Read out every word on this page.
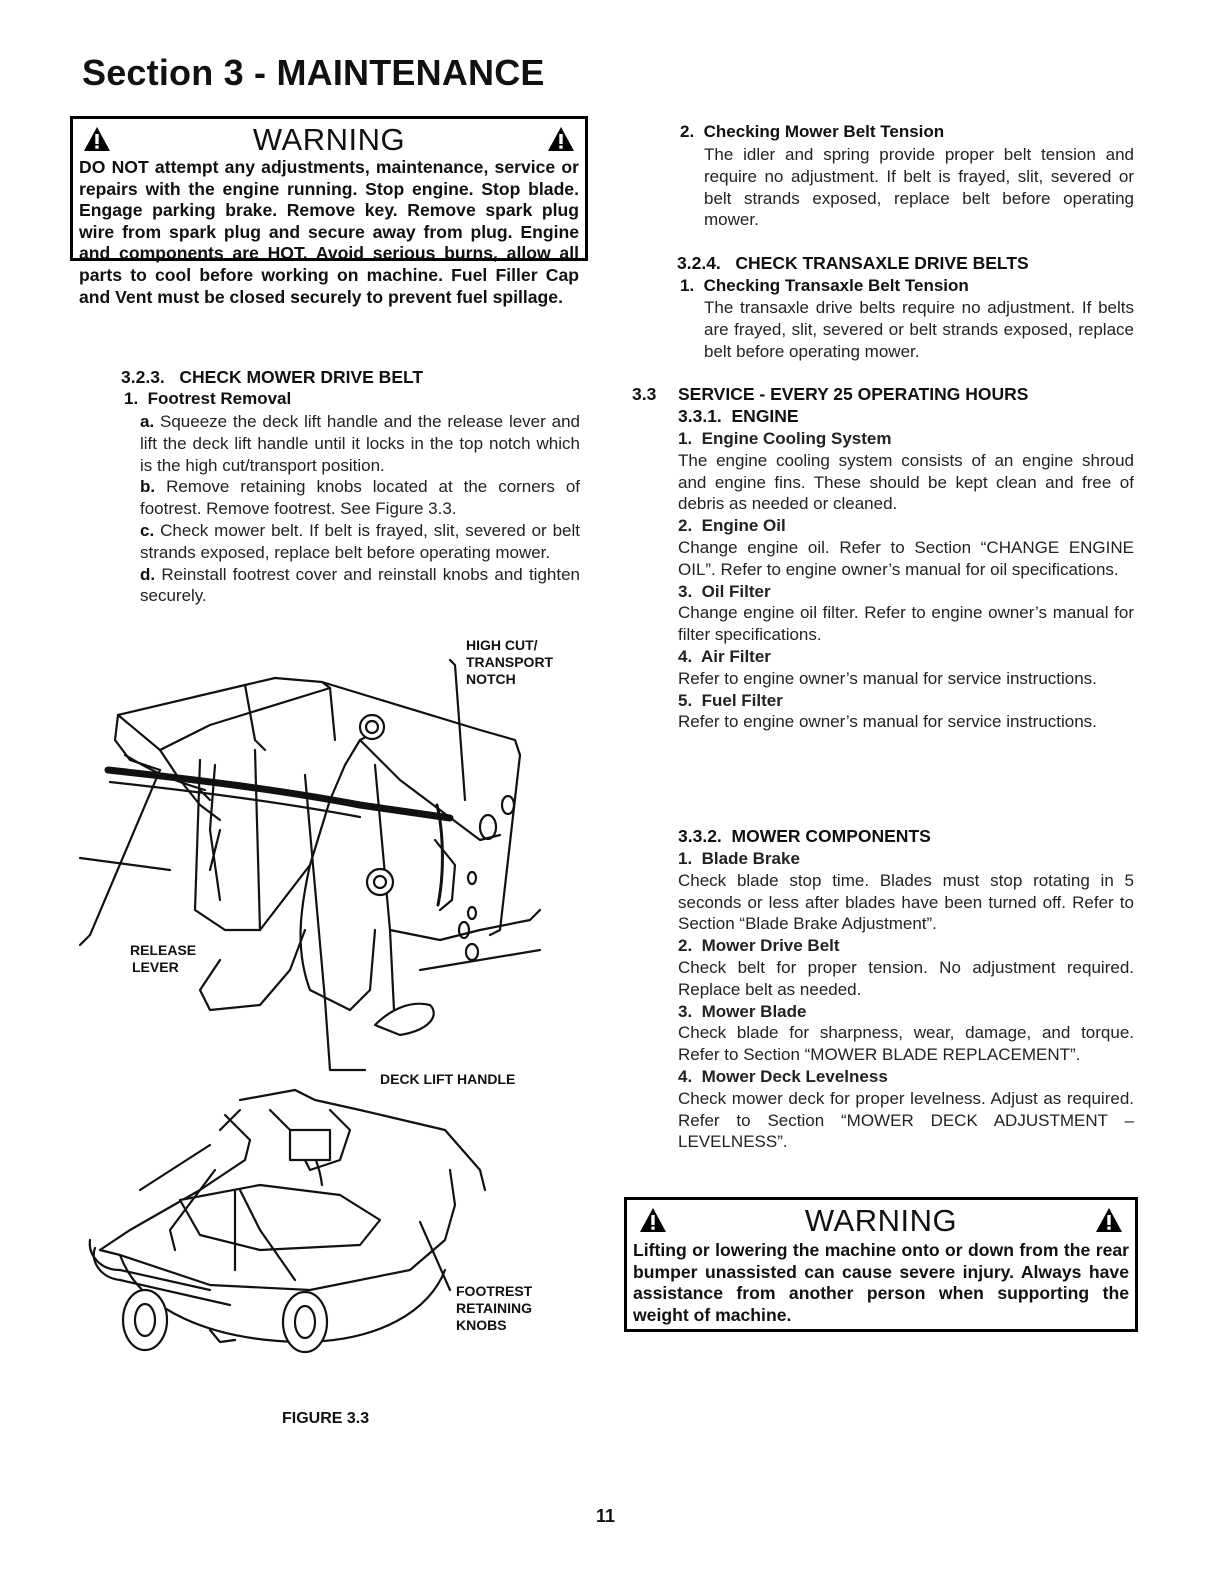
Section 3 - MAINTENANCE
WARNING
DO NOT attempt any adjustments, maintenance, service or repairs with the engine running. Stop engine. Stop blade. Engage parking brake. Remove key. Remove spark plug wire from spark plug and secure away from plug. Engine and components are HOT. Avoid serious burns, allow all parts to cool before working on machine. Fuel Filler Cap and Vent must be closed securely to prevent fuel spillage.
3.2.3.   CHECK MOWER DRIVE BELT
1.  Footrest Removal

a. Squeeze the deck lift handle and the release lever and lift the deck lift handle until it locks in the top notch which is the high cut/transport position.

b. Remove retaining knobs located at the corners of footrest. Remove footrest. See Figure 3.3.

c. Check mower belt. If belt is frayed, slit, severed or belt strands exposed, replace belt before operating mower.

d. Reinstall footrest cover and reinstall knobs and tighten securely.

HIGH CUT/
TRANSPORT
NOTCH
RELEASE
LEVER
DECK LIFT HANDLE
FOOTREST
RETAINING
KNOBS
FIGURE 3.3
2.  Checking Mower Belt Tension
The idler and spring provide proper belt tension and require no adjustment. If belt is frayed, slit, severed or belt strands exposed, replace belt before operating mower.
3.2.4.   CHECK TRANSAXLE DRIVE BELTS
1.  Checking Transaxle Belt Tension
The transaxle drive belts require no adjustment. If belts are frayed, slit, severed or belt strands exposed, replace belt before operating mower.
3.3 SERVICE - EVERY 25 OPERATING HOURS
3.3.1.  ENGINE
1.  Engine Cooling System

The engine cooling system consists of an engine shroud and engine fins. These should be kept clean and free of debris as needed or cleaned.

2.  Engine Oil

Change engine oil. Refer to Section “CHANGE ENGINE OIL”. Refer to engine owner’s manual for oil specifications.

3.  Oil Filter

Change engine oil filter. Refer to engine owner’s manual for filter specifications.

4.  Air Filter

Refer to engine owner’s manual for service instructions.

5.  Fuel Filter

Refer to engine owner’s manual for service instructions.

3.3.2.  MOWER COMPONENTS
1.  Blade Brake

Check blade stop time. Blades must stop rotating in 5 seconds or less after blades have been turned off. Refer to Section “Blade Brake Adjustment”.

2.  Mower Drive Belt

Check belt for proper tension. No adjustment required. Replace belt as needed.

3.  Mower Blade

Check blade for sharpness, wear, damage, and torque. Refer to Section “MOWER BLADE REPLACEMENT”.

4.  Mower Deck Levelness

Check mower deck for proper levelness. Adjust as required. Refer to Section “MOWER DECK ADJUSTMENT – LEVELNESS”.

WARNING
Lifting or lowering the machine onto or down from the rear bumper unassisted can cause severe injury. Always have assistance from another person when supporting the weight of machine.
11
